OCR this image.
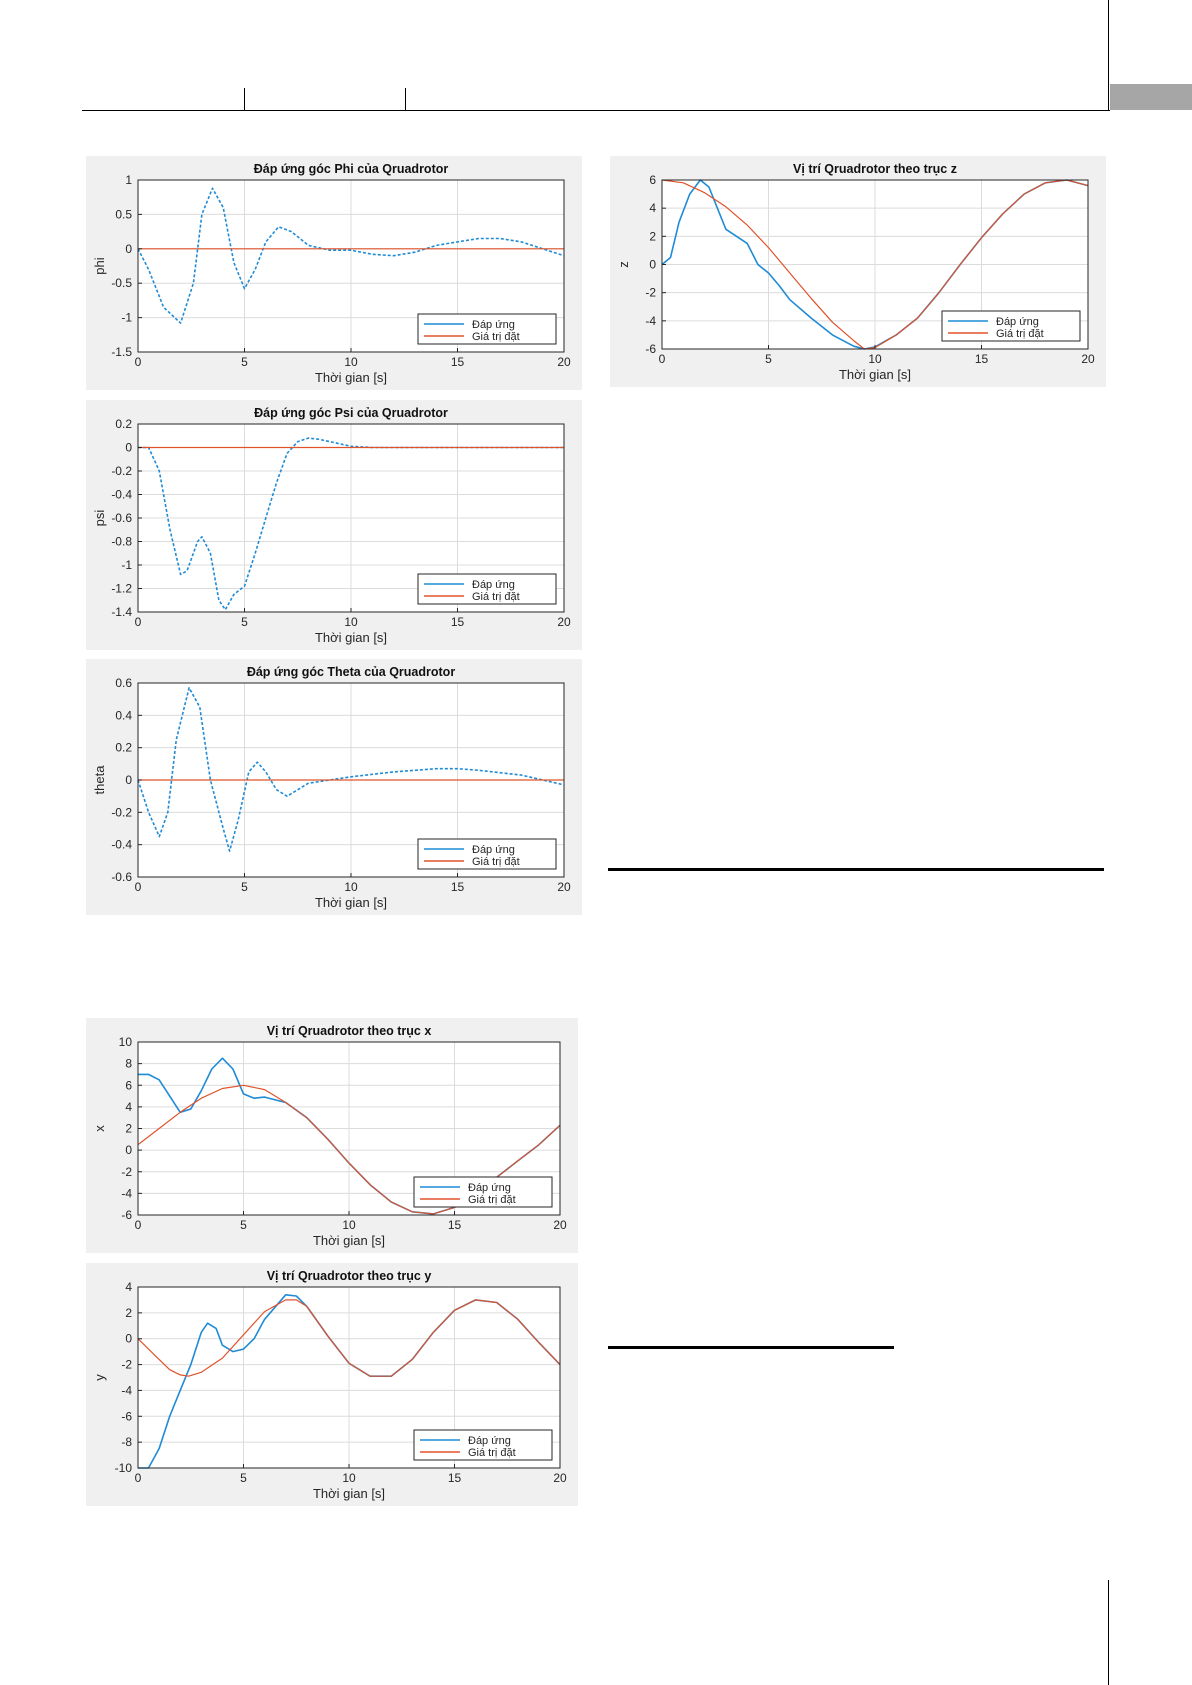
0	5	10	15	20
-1.5
-1
-0.5
0
0.5
1
Đáp ứng góc Phi của Qruadrotor
Thời gian [s]
phi
Đáp ứng
Giá trị đặt
0	5	10	15	20
-1.4
-1.2
-1
-0.8
-0.6
-0.4
-0.2
0
0.2
Đáp ứng góc Psi của Qruadrotor
Thời gian [s]
psi
Đáp ứng
Giá trị đặt
0	5	10	15	20
-0.6
-0.4
-0.2
0
0.2
0.4
0.6
Đáp ứng góc Theta của Qruadrotor
Thời gian [s]
theta
Đáp ứng
Giá trị đặt
0	5	10	15	20
-6
-4
-2
0
2
4
6
Vị trí Qruadrotor theo trục z
Thời gian [s]
z
Đáp ứng
Giá trị đặt
0	5	10	15	20
-6
-4
-2
0
2
4
6
8
10
Vị trí Qruadrotor theo trục x
Thời gian [s]
x
Đáp ứng
Giá trị đặt
0	5	10	15	20
-10
-8
-6
-4
-2
0
2
4
Vị trí Qruadrotor theo trục y
Thời gian [s]
y
Đáp ứng
Giá trị đặt
